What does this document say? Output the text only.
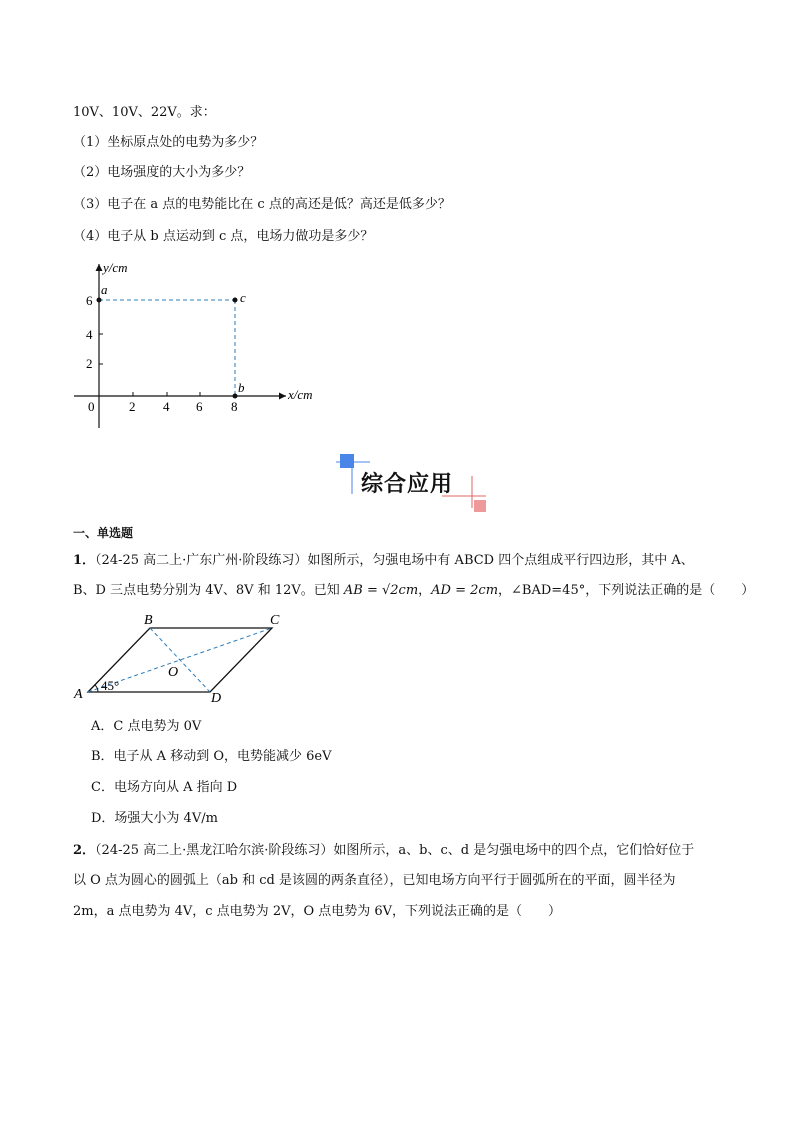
10V、10V、22V。求：
（1）坐标原点处的电势为多少？
（2）电场强度的大小为多少？
（3）电子在 a 点的电势能比在 c 点的高还是低？高还是低多少？
（4）电子从 b 点运动到 c 点，电场力做功是多少？
y/cm
x/cm
0	2 4 6 8
2
4
6
a
c
b
综合应用
一、单选题
1．（24-25 高二上·广东广州·阶段练习）如图所示，匀强电场中有 ABCD 四个点组成平行四边形，其中 A、
B、D 三点电势分别为 4V、8V 和 12V。已知 AB = √2cm，AD = 2cm，∠BAD=45°，下列说法正确的是（　　）
A
B	C
D
O
45°
A．C 点电势为 0V
B．电子从 A 移动到 O，电势能减少 6eV
C．电场方向从 A 指向 D
D．场强大小为 4V/m
2．（24-25 高二上·黑龙江哈尔滨·阶段练习）如图所示，a、b、c、d 是匀强电场中的四个点，它们恰好位于
以 O 点为圆心的圆弧上（ab 和 cd 是该圆的两条直径），已知电场方向平行于圆弧所在的平面，圆半径为
2m，a 点电势为 4V，c 点电势为 2V，O 点电势为 6V，下列说法正确的是（　　）
